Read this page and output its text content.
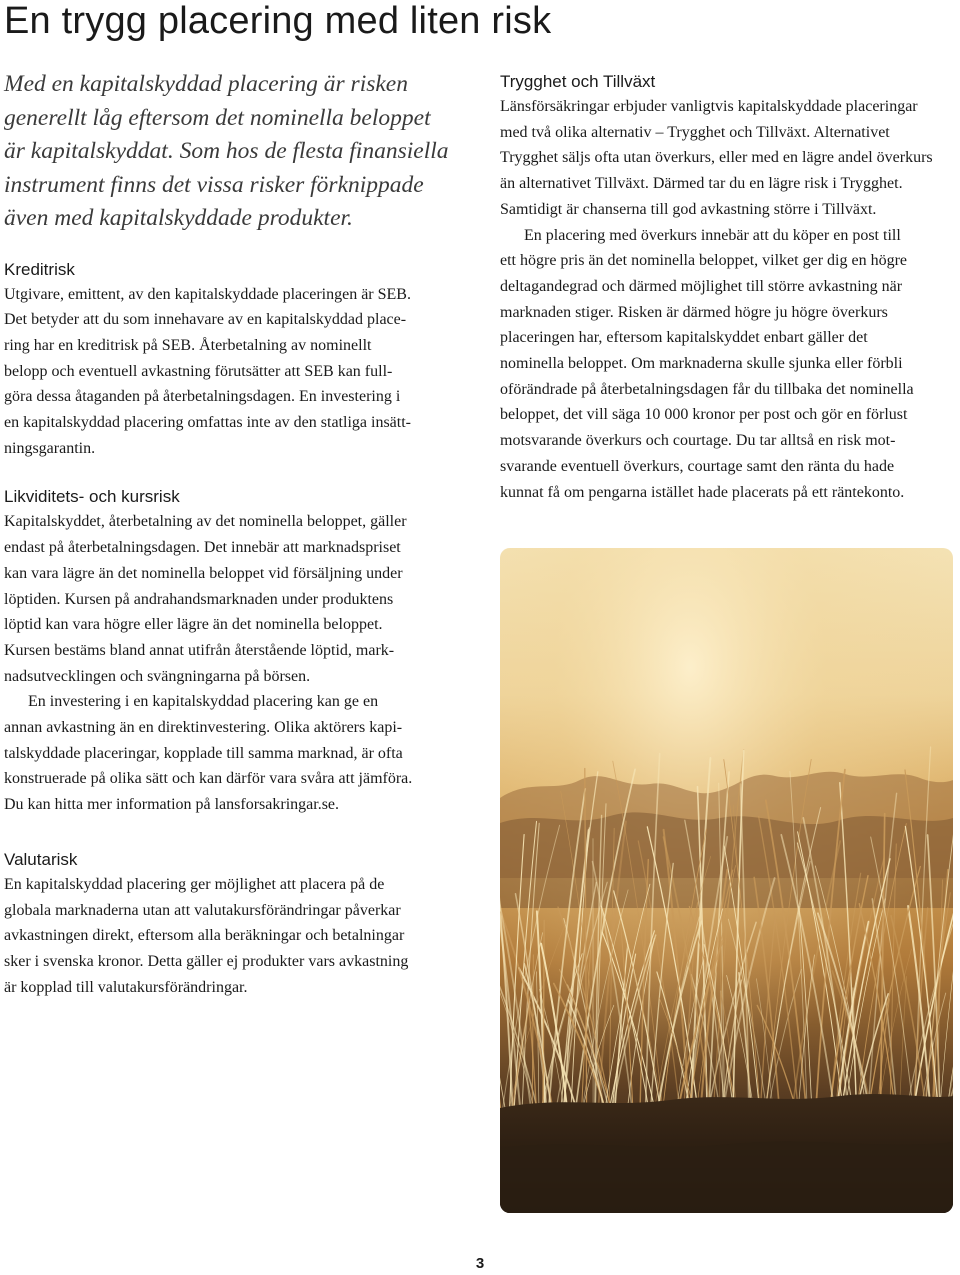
En trygg placering med liten risk
Med en kapitalskyddad placering är risken
generellt låg eftersom det nominella beloppet
är kapitalskyddat. Som hos de flesta finansiella
instrument finns det vissa risker förknippade
även med kapitalskyddade produkter.
Kreditrisk
Utgivare, emittent, av den kapitalskyddade placeringen är SEB.
Det betyder att du som innehavare av en kapitalskyddad place-
ring har en kreditrisk på SEB. Återbetalning av nominellt
belopp och eventuell avkastning förutsätter att SEB kan full-
göra dessa åtaganden på återbetalningsdagen. En investering i
en kapitalskyddad placering omfattas inte av den statliga insätt-
ningsgarantin.
Likviditets- och kursrisk
Kapitalskyddet, återbetalning av det nominella beloppet, gäller
endast på återbetalningsdagen. Det innebär att marknadspriset
kan vara lägre än det nominella beloppet vid försäljning under
löptiden. Kursen på andrahandsmarknaden under produktens
löptid kan vara högre eller lägre än det nominella beloppet.
Kursen bestäms bland annat utifrån återstående löptid, mark-
nadsutvecklingen och svängningarna på börsen.
En investering i en kapitalskyddad placering kan ge en
annan avkastning än en direktinvestering. Olika aktörers kapi-
talskyddade placeringar, kopplade till samma marknad, är ofta
konstruerade på olika sätt och kan därför vara svåra att jämföra.
Du kan hitta mer information på lansforsakringar.se.
Valutarisk
En kapitalskyddad placering ger möjlighet att placera på de
globala marknaderna utan att valutakursförändringar påverkar
avkastningen direkt, eftersom alla beräkningar och betalningar
sker i svenska kronor. Detta gäller ej produkter vars avkastning
är kopplad till valutakursförändringar.
Trygghet och Tillväxt
Länsförsäkringar erbjuder vanligtvis kapitalskyddade placeringar
med två olika alternativ – Trygghet och Tillväxt. Alternativet
Trygghet säljs ofta utan överkurs, eller med en lägre andel överkurs
än alternativet Tillväxt. Därmed tar du en lägre risk i Trygghet.
Samtidigt är chanserna till god avkastning större i Tillväxt.
En placering med överkurs innebär att du köper en post till
ett högre pris än det nominella beloppet, vilket ger dig en högre
deltagandegrad och därmed möjlighet till större avkastning när
marknaden stiger. Risken är därmed högre ju högre överkurs
placeringen har, eftersom kapitalskyddet enbart gäller det
nominella beloppet. Om marknaderna skulle sjunka eller förbli
oförändrade på återbetalningsdagen får du tillbaka det nominella
beloppet, det vill säga 10 000 kronor per post och gör en förlust
motsvarande överkurs och courtage. Du tar alltså en risk mot-
svarande eventuell överkurs, courtage samt den ränta du hade
kunnat få om pengarna istället hade placerats på ett räntekonto.
3
